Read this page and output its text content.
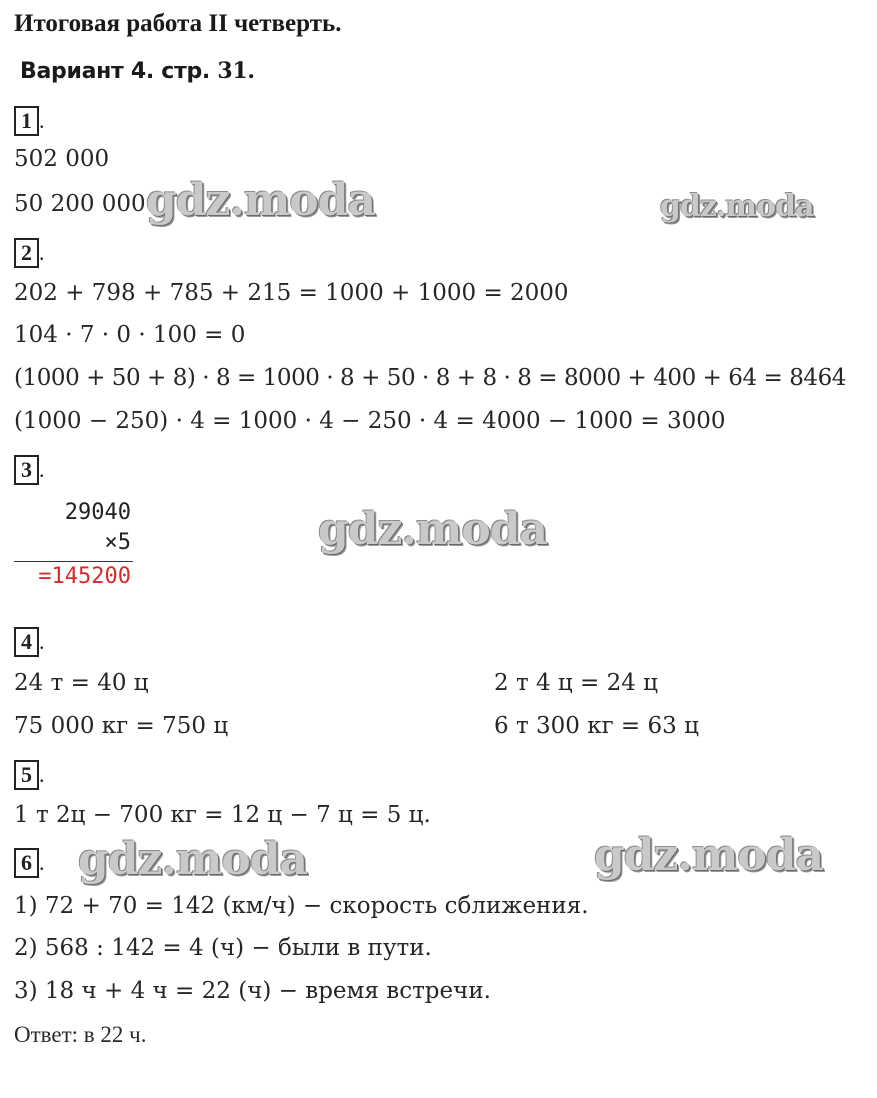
Итоговая работа II четверть.
Вариант 4. стр. 31.
1 .
502 000
50 200 000
2 .
202 + 798 + 785 + 215 = 1000 + 1000 = 2000
104 · 7 · 0 · 100 = 0
(1000 + 50 + 8) · 8 = 1000 · 8 + 50 · 8 + 8 · 8 = 8000 + 400 + 64 = 8464
(1000 − 250) · 4 = 1000 · 4 − 250 · 4 = 4000 − 1000 = 3000
3 .
29040
×5
=145200
4 .
24 т = 40 ц
75 000 кг = 750 ц
2 т 4 ц = 24 ц
6 т 300 кг = 63 ц
5 .
1 т 2ц − 700 кг = 12 ц − 7 ц = 5 ц.
6 .
1) 72 + 70 = 142 (км/ч) − скорость сближения.
2) 568 : 142 = 4 (ч) − были в пути.
3) 18 ч + 4 ч = 22 (ч) − время встречи.
Ответ: в 22 ч.
gdz.moda	gdz.moda
gdz.moda
gdz.moda	gdz.moda
